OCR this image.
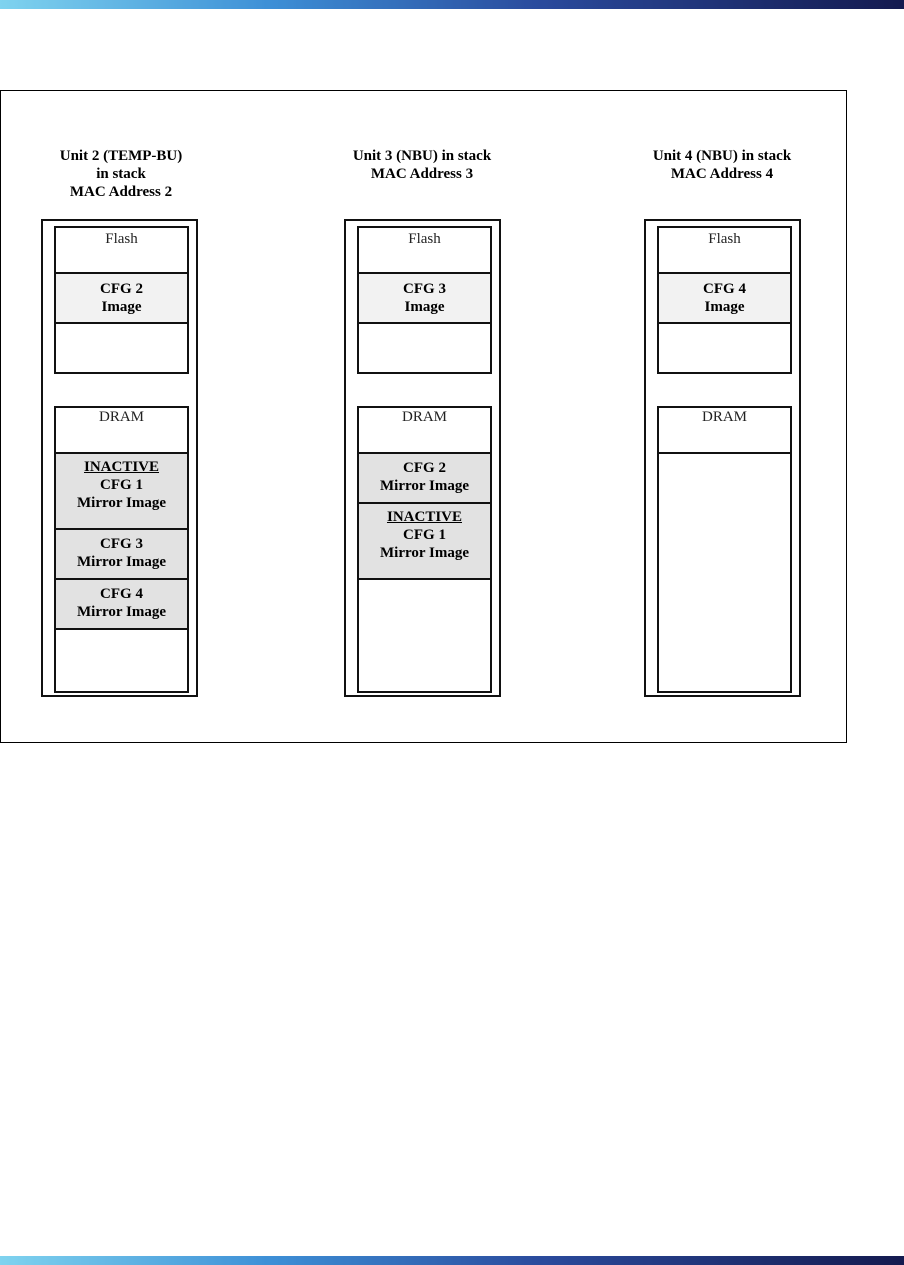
Unit 2 (TEMP-BU)
in stack
MAC Address 2
Flash
CFG 2
Image
DRAM
INACTIVE
CFG 1
Mirror Image
CFG 3
Mirror Image
CFG 4
Mirror Image
Unit 3 (NBU) in stack
MAC Address 3
Flash
CFG 3
Image
DRAM
CFG 2
Mirror Image
INACTIVE
CFG 1
Mirror Image
Unit 4 (NBU) in stack
MAC Address 4
Flash
CFG 4
Image
DRAM
